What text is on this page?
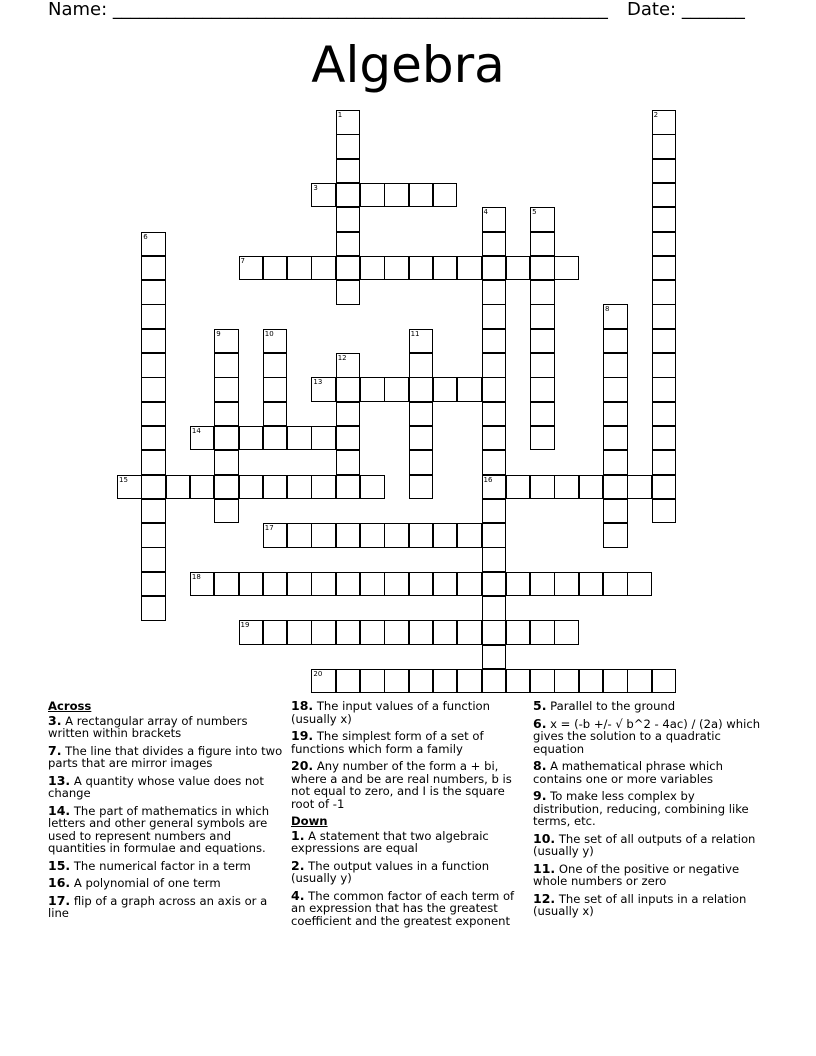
Name: _______________________________________________________ Date: _______
Algebra
1	2
3
4
16
5
6
7
8
9	10	11
12
13
14
15
17
18
19
20
Across
3. A rectangular array of numbers written within brackets
7. The line that divides a figure into two parts that are mirror images
13. A quantity whose value does not change
14. The part of mathematics in which letters and other general symbols are used to represent numbers and quantities in formulae and equations.
15. The numerical factor in a term
16. A polynomial of one term
17. flip of a graph across an axis or a line
18. The input values of a function (usually x)
19. The simplest form of a set of functions which form a family
20. Any number of the form a + bi, where a and be are real numbers, b is not equal to zero, and I is the square root of -1
Down
1. A statement that two algebraic expressions are equal
2. The output values in a function (usually y)
4. The common factor of each term of an expression that has the greatest coefficient and the greatest exponent
5. Parallel to the ground
6. x = (-b +/- √ b^2 - 4ac) / (2a) which gives the solution to a quadratic equation
8. A mathematical phrase which contains one or more variables
9. To make less complex by distribution, reducing, combining like terms, etc.
10. The set of all outputs of a relation (usually y)
11. One of the positive or negative whole numbers or zero
12. The set of all inputs in a relation (usually x)
